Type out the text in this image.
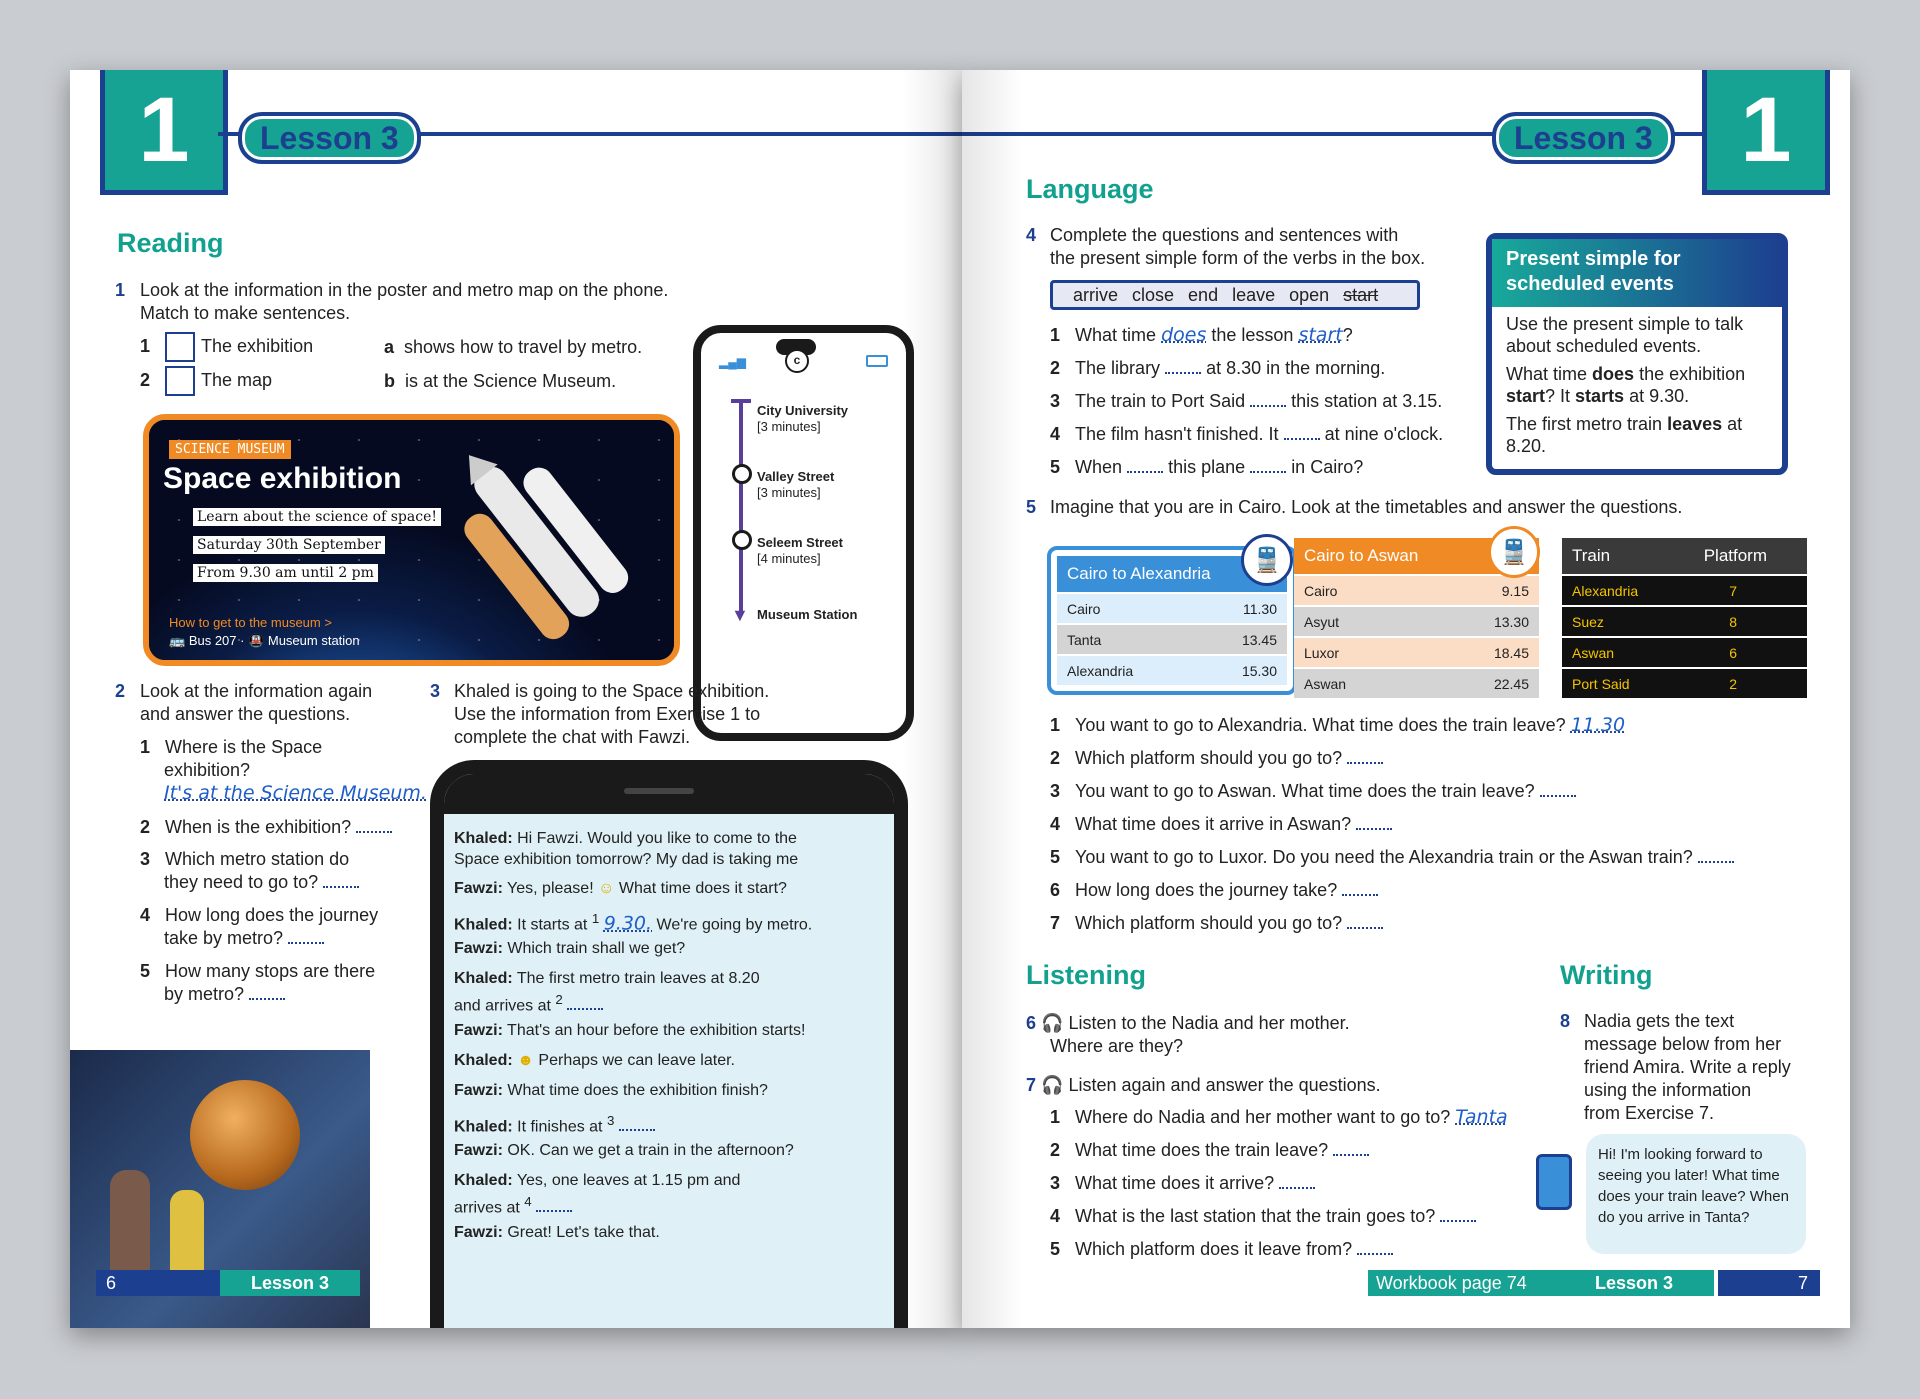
1	Lesson 3
Reading
1 Look at the information in the poster and metro map on the phone.
Match to make sentences.
1	The exhibition
2	The map
a shows how to travel by metro.
b is at the Science Museum.
SCIENCE MUSEUM
Space exhibition
Learn about the science of space!
Saturday 30th September
From 9.30 am until 2 pm
How to get to the museum >
🚌 Bus 207 · 🚇 Museum station
c
▂▄▆
▼
City University
[3 minutes]
Valley Street
[3 minutes]
Seleem Street
[4 minutes]
Museum Station
2 Look at the information again
and answer the questions.
1 Where is the Space
exhibition?
It's at the Science Museum.
2 When is the exhibition?
3 Which metro station do
they need to go to?
4 How long does the journey
take by metro?
5 How many stops are there
by metro?
3 Khaled is going to the Space exhibition.
Use the information from Exercise 1 to
complete the chat with Fawzi.
Khaled: Hi Fawzi. Would you like to come to the
Space exhibition tomorrow? My dad is taking me
Fawzi: Yes, please! ☺ What time does it start?
Khaled: It starts at $^1$ 9.30. We're going by metro.
Fawzi: Which train shall we get?
Khaled: The first metro train leaves at 8.20
and arrives at $^2$
Fawzi: That's an hour before the exhibition starts!
Khaled: ☻ Perhaps we can leave later.
Fawzi: What time does the exhibition finish?
Khaled: It finishes at $^3$
Fawzi: OK. Can we get a train in the afternoon?
Khaled: Yes, one leaves at 1.15 pm and
arrives at $^4$
Fawzi: Great! Let's take that.
6	Lesson 3
Lesson 3 1
Language
4 Complete the questions and sentences with
the present simple form of the verbs in the box.
arrive close end leave open start
1 What time does the lesson start?
2 The library	at 8.30 in the morning.
3 The train to Port Said	this station at 3.15.
4 The film hasn't finished. It	at nine o'clock.
5 When	this plane	in Cairo?
5 Imagine that you are in Cairo. Look at the timetables and answer the questions.
Cairo to Alexandria
Cairo	11.30
Tanta	13.45
Alexandria	15.30
🚆	Cairo to Aswan
Cairo	9.15
Asyut	13.30
Luxor	18.45
Aswan	22.45
🚆	Train	Platform
Alexandria	7
Suez	8
Aswan	6
Port Said	2
1 You want to go to Alexandria. What time does the train leave? 11.30
2 Which platform should you go to?
3 You want to go to Aswan. What time does the train leave?
4 What time does it arrive in Aswan?
5 You want to go to Luxor. Do you need the Alexandria train or the Aswan train?
6 How long does the journey take?
7 Which platform should you go to?
Listening
6 🎧 Listen to the Nadia and her mother.
Where are they?
7 🎧 Listen again and answer the questions.
1 Where do Nadia and her mother want to go to? Tanta
2 What time does the train leave?
3 What time does it arrive?
4 What is the last station that the train goes to?
5 Which platform does it leave from?
Writing
8 Nadia gets the text
message below from her
friend Amira. Write a reply
using the information
from Exercise 7.
Hi! I'm looking forward to seeing you later! What time does your train leave? When do you arrive in Tanta?
Workbook page 74	Lesson 3	7
Present simple for
scheduled events
Use the present simple to talk
about scheduled events.
What time does the exhibition start? It starts at 9.30.
The first metro train leaves at 8.20.
